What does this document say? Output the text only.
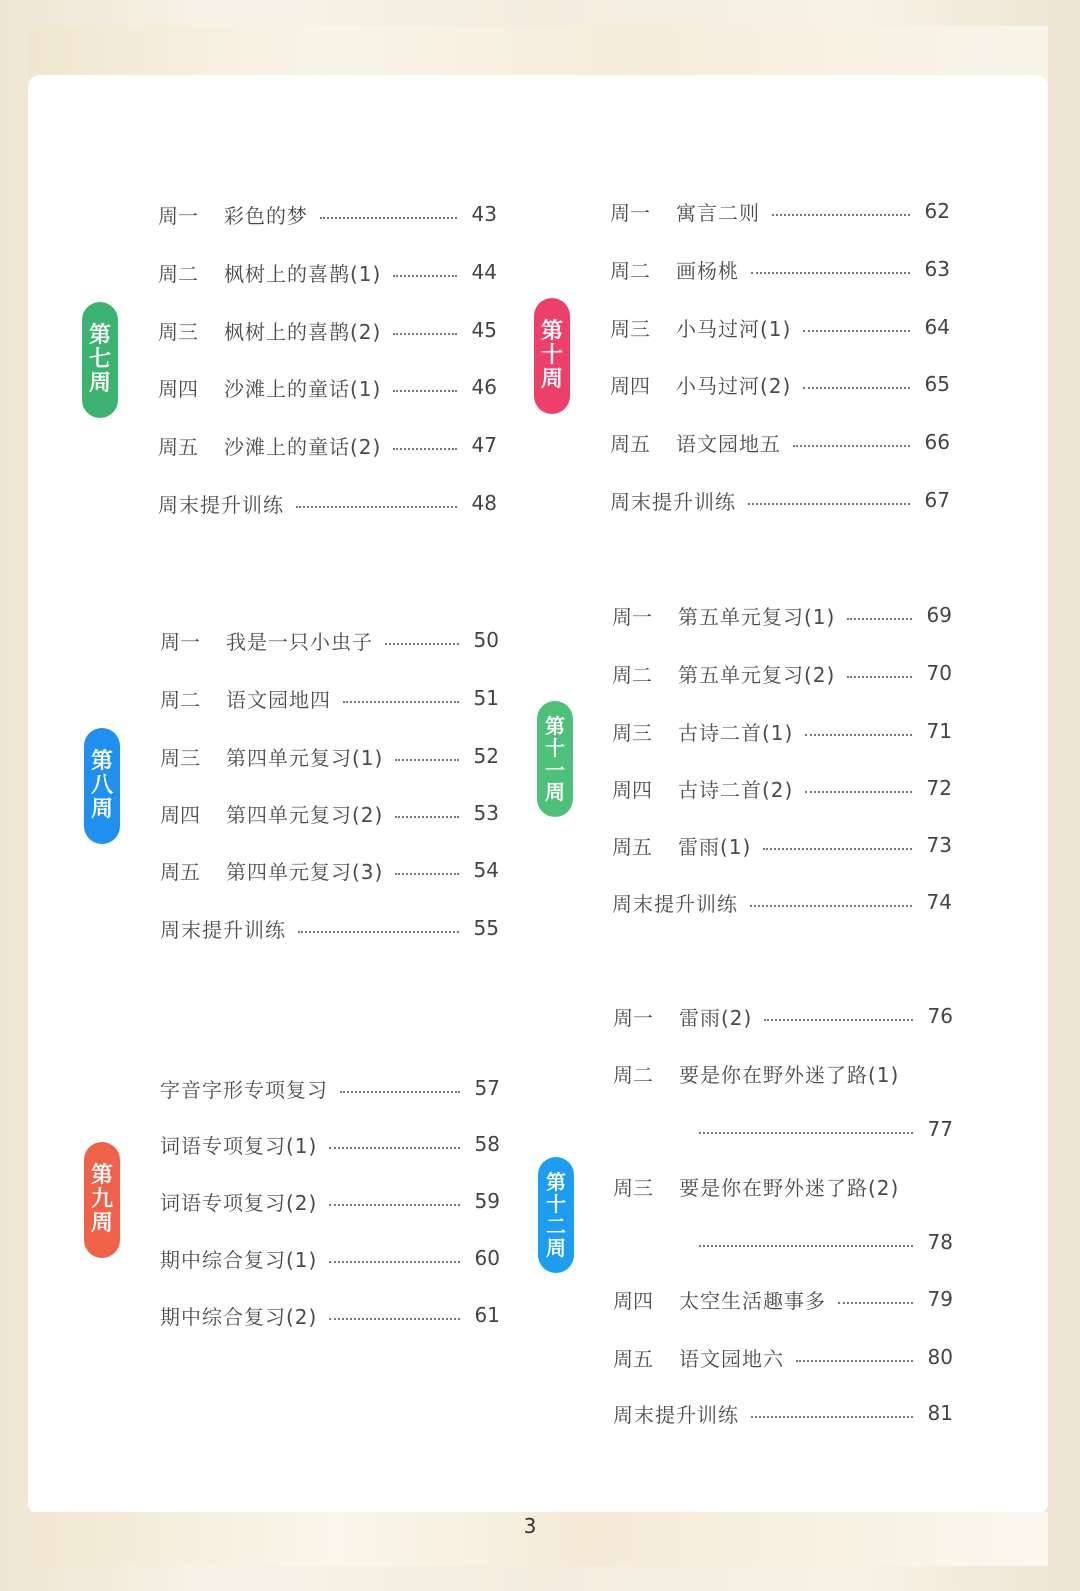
3
第
七
周
周一	彩色的梦	43
周二	枫树上的喜鹊(1)	44
周三	枫树上的喜鹊(2)	45
周四	沙滩上的童话(1)	46
周五	沙滩上的童话(2)	47
周末提升训练	48
第
八
周
周一	我是一只小虫子	50
周二	语文园地四	51
周三	第四单元复习(1)	52
周四	第四单元复习(2)	53
周五	第四单元复习(3)	54
周末提升训练	55
第
九
周
字音字形专项复习	57
词语专项复习(1)	58
词语专项复习(2)	59
期中综合复习(1)	60
期中综合复习(2)	61
第
十
周
周一	寓言二则	62
周二	画杨桃	63
周三	小马过河(1)	64
周四	小马过河(2)	65
周五	语文园地五	66
周末提升训练	67
第
十
一
周
周一	第五单元复习(1)	69
周二	第五单元复习(2)	70
周三	古诗二首(1)	71
周四	古诗二首(2)	72
周五	雷雨(1)	73
周末提升训练	74
第
十
二
周
周一	雷雨(2)	76
周二	要是你在野外迷了路(1)
77
周三	要是你在野外迷了路(2)
78
周四	太空生活趣事多	79
周五	语文园地六	80
周末提升训练	81
